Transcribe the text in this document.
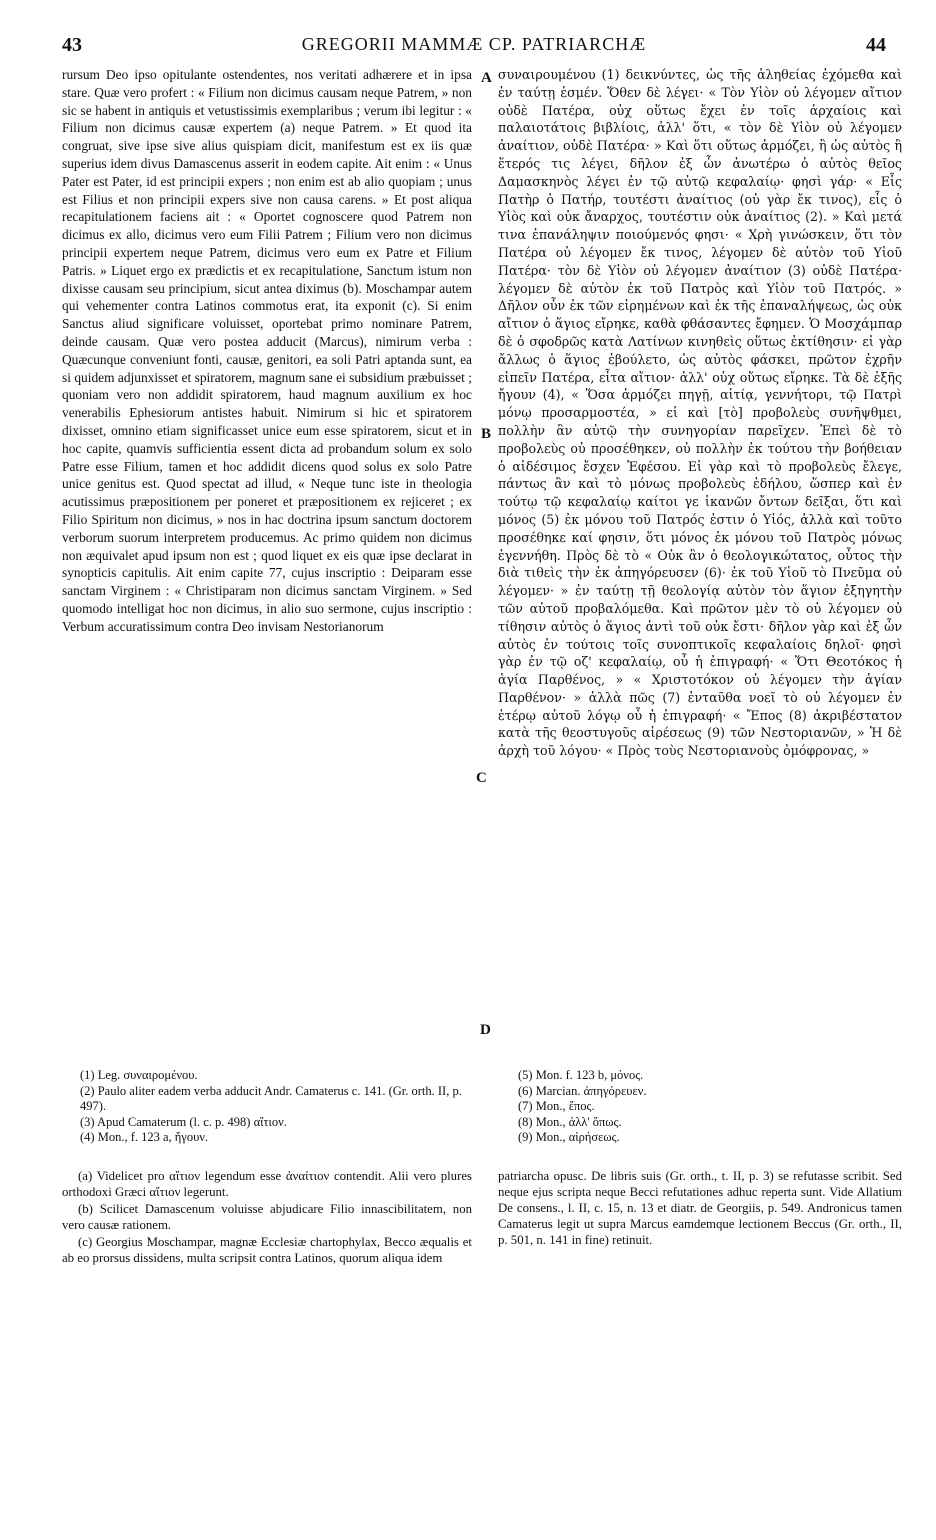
43	GREGORII MAMMÆ CP. PATRIARCHÆ	44

rursum Deo ipso opitulante ostendentes, nos veritati adhærere et in ipsa stare. Quæ vero profert : « Filium non dicimus causam neque Patrem, » non sic se habent in antiquis et vetustissimis exemplaribus ; verum ibi legitur : « Filium non dicimus causæ expertem (a) neque Patrem. » Et quod ita congruat, sive ipse sive alius quispiam dicit, manifestum est ex iis quæ superius idem divus Damascenus asserit in eodem capite. Ait enim : « Unus Pater est Pater, id est principii expers ; non enim est ab alio quopiam ; unus est Filius et non principii expers sive non causa carens. » Et post aliqua recapitulationem faciens ait : « Oportet cognoscere quod Patrem non dicimus ex allo, dicimus vero eum Filii Patrem ; Filium vero non dicimus principii expertem neque Patrem, dicimus vero eum ex Patre et Filium Patris. » Liquet ergo ex prædictis et ex recapitulatione, Sanctum istum non dixisse causam seu principium, sicut antea diximus (b). Moschampar autem qui vehementer contra Latinos commotus erat, ita exponit (c). Si enim Sanctus aliud significare voluisset, oportebat primo nominare Patrem, deinde causam. Quæ vero postea adducit (Marcus), nimirum verba : Quæcunque conveniunt fonti, causæ, genitori, ea soli Patri aptanda sunt, ea si quidem adjunxisset et spiratorem, magnum sane ei subsidium præbuisset ; quoniam vero non addidit spiratorem, haud magnum auxilium ex hoc venerabilis Ephesiorum antistes habuit. Nimirum si hic et spiratorem dixisset, omnino etiam significasset unice eum esse spiratorem, sicut et in hoc capite, quamvis sufficientia essent dicta ad probandum solum ex solo Patre esse Filium, tamen et hoc addidit dicens quod solus ex solo Patre unice genitus est. Quod spectat ad illud, « Neque tunc iste in theologia acutissimus præpositionem per poneret et præpositionem ex rejiceret ; ex Filio Spiritum non dicimus, » nos in hac doctrina ipsum sanctum doctorem verborum suorum interpretem producemus. Ac primo quidem non dicimus non æquivalet apud ipsum non est ; quod liquet ex eis quæ ipse declarat in synopticis capitulis. Ait enim capite 77, cujus inscriptio : Deiparam esse sanctam Virginem : « Christiparam non dicimus sanctam Virginem. » Sed quomodo intelligat hoc non dicimus, in alio suo sermone, cujus inscriptio : Verbum accuratissimum contra Deo invisam Nestorianorum

A
B
C
D

συναιρουμένου (1) δεικνύντες, ὡς τῆς ἀληθείας ἐχόμεθα καὶ ἐν ταύτῃ ἐσμέν. Ὅθεν δὲ λέγει· « Τὸν Υἱὸν οὐ λέγομεν αἴτιον οὐδὲ Πατέρα, οὐχ οὕτως ἔχει ἐν τοῖς ἀρχαίοις καὶ παλαιοτάτοις βιβλίοις, ἀλλ' ὅτι, « τὸν δὲ Υἱὸν οὐ λέγομεν ἀναίτιον, οὐδὲ Πατέρα· » Καὶ ὅτι οὕτως ἁρμόζει, ἢ ὡς αὐτὸς ἢ ἕτερός τις λέγει, δῆλον ἐξ ὧν ἀνωτέρω ὁ αὐτὸς θεῖος Δαμασκηνὸς λέγει ἐν τῷ αὐτῷ κεφαλαίῳ· φησὶ γάρ· « Εἷς Πατὴρ ὁ Πατήρ, τουτέστι ἀναίτιος (οὐ γὰρ ἔκ τινος), εἷς ὁ Υἱὸς καὶ οὐκ ἄναρχος, τουτέστιν οὐκ ἀναίτιος (2). » Καὶ μετά τινα ἐπανάληψιν ποιούμενός φησι· « Χρὴ γινώσκειν, ὅτι τὸν Πατέρα οὐ λέγομεν ἔκ τινος, λέγομεν δὲ αὐτὸν τοῦ Υἱοῦ Πατέρα· τὸν δὲ Υἱὸν οὐ λέγομεν ἀναίτιον (3) οὐδὲ Πατέρα· λέγομεν δὲ αὐτὸν ἐκ τοῦ Πατρὸς καὶ Υἱὸν τοῦ Πατρός. » Δῆλον οὖν ἐκ τῶν εἰρημένων καὶ ἐκ τῆς ἐπαναλήψεως, ὡς οὐκ αἴτιον ὁ ἅγιος εἴρηκε, καθὰ φθάσαντες ἔφημεν. Ὁ Μοσχάμπαρ δὲ ὁ σφοδρῶς κατὰ Λατίνων κινηθεὶς οὕτως ἐκτίθησιν· εἰ γὰρ ἄλλως ὁ ἅγιος ἐβούλετο, ὡς αὐτὸς φάσκει, πρῶτον ἐχρῆν εἰπεῖν Πατέρα, εἶτα αἴτιον· ἀλλ' οὐχ οὕτως εἴρηκε. Τὰ δὲ ἑξῆς ἤγουν (4), « Ὅσα ἁρμόζει πηγῇ, αἰτίᾳ, γεννήτορι, τῷ Πατρὶ μόνῳ προσαρμοστέα, » εἰ καὶ [τὸ] προβολεὺς συνῆψθμει, πολλὴν ἂν αὐτῷ τὴν συνηγορίαν παρεῖχεν. Ἐπεὶ δὲ τὸ προβολεὺς οὐ προσέθηκεν, οὐ πολλὴν ἐκ τούτου τὴν βοήθειαν ὁ αἰδέσιμος ἔσχεν Ἐφέσου. Εἰ γὰρ καὶ τὸ προβολεὺς ἔλεγε, πάντως ἂν καὶ τὸ μόνως προβολεὺς ἐδήλου, ὥσπερ καὶ ἐν τούτῳ τῷ κεφαλαίῳ καίτοι γε ἱκανῶν ὄντων δεῖξαι, ὅτι καὶ μόνος (5) ἐκ μόνου τοῦ Πατρός ἐστιν ὁ Υἱός, ἀλλὰ καὶ τοῦτο προσέθηκε καί φησιν, ὅτι μόνος ἐκ μόνου τοῦ Πατρὸς μόνως ἐγεννήθη. Πρὸς δὲ τὸ « Οὐκ ἂν ὁ θεολογικώτατος, οὗτος τὴν διὰ τιθεὶς τὴν ἐκ ἀπηγόρευσεν (6)· ἐκ τοῦ Υἱοῦ τὸ Πνεῦμα οὐ λέγομεν· » ἐν ταύτῃ τῇ θεολογίᾳ αὐτὸν τὸν ἅγιον ἐξηγητὴν τῶν αὐτοῦ προβαλόμεθα. Καὶ πρῶτον μὲν τὸ οὐ λέγομεν οὐ τίθησιν αὐτὸς ὁ ἅγιος ἀντὶ τοῦ οὐκ ἔστι· δῆλον γὰρ καὶ ἐξ ὧν αὐτὸς ἐν τούτοις τοῖς συνοπτικοῖς κεφαλαίοις δηλοῖ· φησὶ γὰρ ἐν τῷ οζ' κεφαλαίῳ, οὗ ἡ ἐπιγραφή· « Ὅτι Θεοτόκος ἡ ἁγία Παρθένος, » « Χριστοτόκον οὐ λέγομεν τὴν ἁγίαν Παρθένον· » ἀλλὰ πῶς (7) ἐνταῦθα νοεῖ τὸ οὐ λέγομεν ἐν ἑτέρῳ αὐτοῦ λόγῳ οὗ ἡ ἐπιγραφή· « Ἔπος (8) ἀκριβέστατον κατὰ τῆς θεοστυγοῦς αἱρέσεως (9) τῶν Νεστοριανῶν, » Ἡ δὲ ἀρχὴ τοῦ λόγου· « Πρὸς τοὺς Νεστοριανοὺς ὁμόφρονας, »

(1) Leg. συναιρομένου.
(2) Paulo aliter eadem verba adducit Andr. Camaterus c. 141. (Gr. orth. II, p. 497).
(3) Apud Camaterum (l. c. p. 498) αἴτιον.
(4) Mon., f. 123 a, ἤγουν.
(5) Mon. f. 123 b, μόνος.
(6) Marcian. ἀπηγόρευεν.
(7) Mon., ἔπος.
(8) Mon., ἀλλ' ὅπως.
(9) Mon., αἱρήσεως.

(a) Videlicet pro αἴτιον legendum esse ἀναίτιον contendit. Alii vero plures orthodoxi Græci αἴτιον legerunt.

(b) Scilicet Damascenum voluisse abjudicare Filio innascibilitatem, non vero causæ rationem.

(c) Georgius Moschampar, magnæ Ecclesiæ chartophylax, Becco æqualis et ab eo prorsus dissidens, multa scripsit contra Latinos, quorum aliqua idem

patriarcha opusc. De libris suis (Gr. orth., t. II, p. 3) se refutasse scribit. Sed neque ejus scripta neque Becci refutationes adhuc reperta sunt. Vide Allatium De consens., l. II, c. 15, n. 13 et diatr. de Georgiis, p. 549. Andronicus tamen Camaterus legit ut supra Marcus eamdemque lectionem Beccus (Gr. orth., II, p. 501, n. 141 in fine) retinuit.
